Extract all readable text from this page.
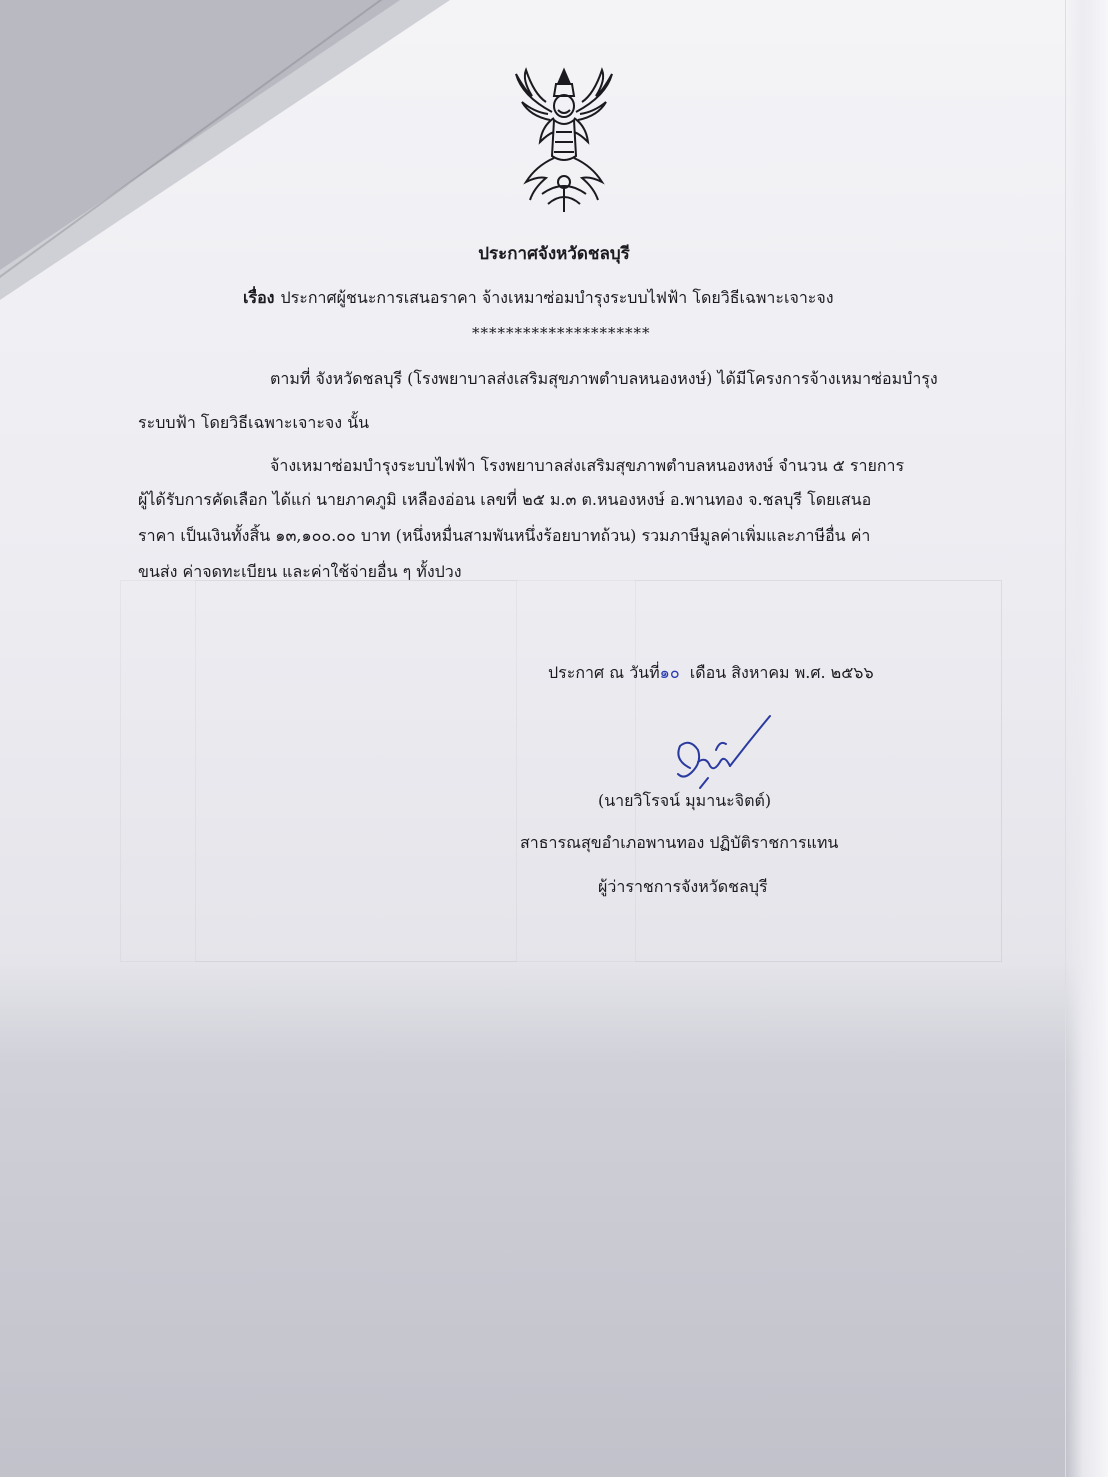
ประกาศจังหวัดชลบุรี
เรื่อง ประกาศผู้ชนะการเสนอราคา จ้างเหมาซ่อมบำรุงระบบไฟฟ้า โดยวิธีเฉพาะเจาะจง
*********************
ตามที่ จังหวัดชลบุรี (โรงพยาบาลส่งเสริมสุขภาพตำบลหนองหงษ์) ได้มีโครงการจ้างเหมาซ่อมบำรุง
ระบบฟ้า โดยวิธีเฉพาะเจาะจง นั้น
จ้างเหมาซ่อมบำรุงระบบไฟฟ้า โรงพยาบาลส่งเสริมสุขภาพตำบลหนองหงษ์ จำนวน ๕ รายการ
ผู้ได้รับการคัดเลือก ได้แก่ นายภาคภูมิ เหลืองอ่อน เลขที่ ๒๕ ม.๓ ต.หนองหงษ์ อ.พานทอง จ.ชลบุรี โดยเสนอ
ราคา เป็นเงินทั้งสิ้น ๑๓,๑๐๐.๐๐ บาท (หนึ่งหมื่นสามพันหนึ่งร้อยบาทถ้วน) รวมภาษีมูลค่าเพิ่มและภาษีอื่น ค่า
ขนส่ง ค่าจดทะเบียน และค่าใช้จ่ายอื่น ๆ ทั้งปวง
ประกาศ ณ วันที่๑๐  เดือน สิงหาคม พ.ศ. ๒๕๖๖
(นายวิโรจน์ มุมานะจิตต์)
สาธารณสุขอำเภอพานทอง ปฏิบัติราชการแทน
ผู้ว่าราชการจังหวัดชลบุรี
